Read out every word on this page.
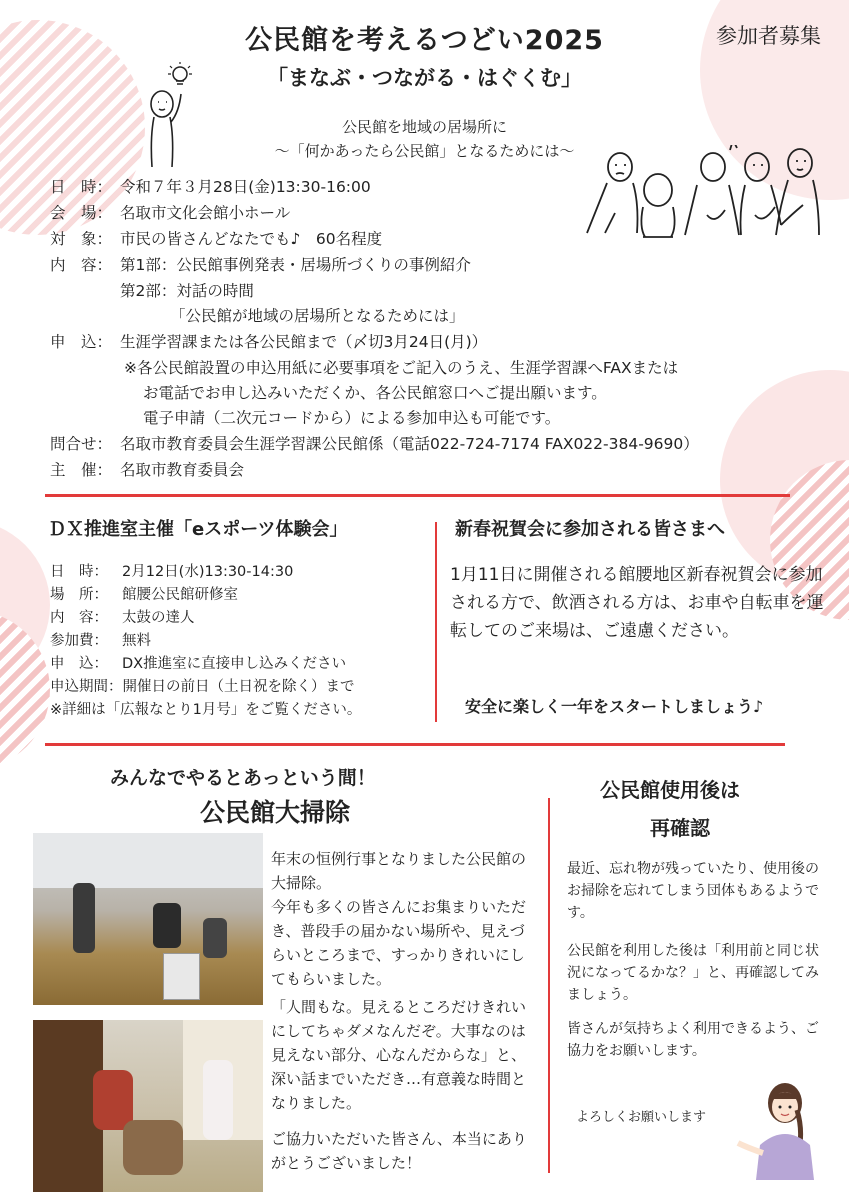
公民館を考えるつどい2025	参加者募集
「まなぶ・つながる・はぐくむ」
公民館を地域の居場所に
〜「何かあったら公民館」となるためには〜
日　時： 令和７年３月28日(金)13:30-16:00
会　場： 名取市文化会館小ホール
対　象： 市民の皆さんどなたでも♪　60名程度
内　容： 第1部：公民館事例発表・居場所づくりの事例紹介
第2部：対話の時間
「公民館が地域の居場所となるためには」
申　込： 生涯学習課または各公民館まで（〆切3月24日(月)）
※各公民館設置の申込用紙に必要事項をご記入のうえ、生涯学習課へFAXまたは
お電話でお申し込みいただくか、各公民館窓口へご提出願います。
電子申請（二次元コードから）による参加申込も可能です。
問合せ： 名取市教育委員会生涯学習課公民館係（電話022-724-7174 FAX022-384-9690）
主　催： 名取市教育委員会
ＤＸ推進室主催「eスポーツ体験会」
日　時： 2月12日(水)13:30-14:30
場　所： 館腰公民館研修室
内　容： 太鼓の達人
参加費： 無料
申　込： DX推進室に直接申し込みください
申込期間：開催日の前日（土日祝を除く）まで
※詳細は「広報なとり1月号」をご覧ください。
新春祝賀会に参加される皆さまへ
1月11日に開催される館腰地区新春祝賀会に参加される方で、飲酒される方は、お車や自転車を運転してのご来場は、ご遠慮ください。
安全に楽しく一年をスタートしましょう♪
みんなでやるとあっという間！
公民館大掃除
年末の恒例行事となりました公民館の大掃除。
今年も多くの皆さんにお集まりいただき、普段手の届かない場所や、見えづらいところまで、すっかりきれいにしてもらいました。
「人間もな。見えるところだけきれいにしてちゃダメなんだぞ。大事なのは見えない部分、心なんだからな」と、深い話までいただき…有意義な時間となりました。
ご協力いただいた皆さん、本当にありがとうございました！
公民館使用後は
再確認
最近、忘れ物が残っていたり、使用後のお掃除を忘れてしまう団体もあるようです。
公民館を利用した後は「利用前と同じ状況になってるかな？」と、再確認してみましょう。
皆さんが気持ちよく利用できるよう、ご協力をお願いします。
よろしくお願いします
